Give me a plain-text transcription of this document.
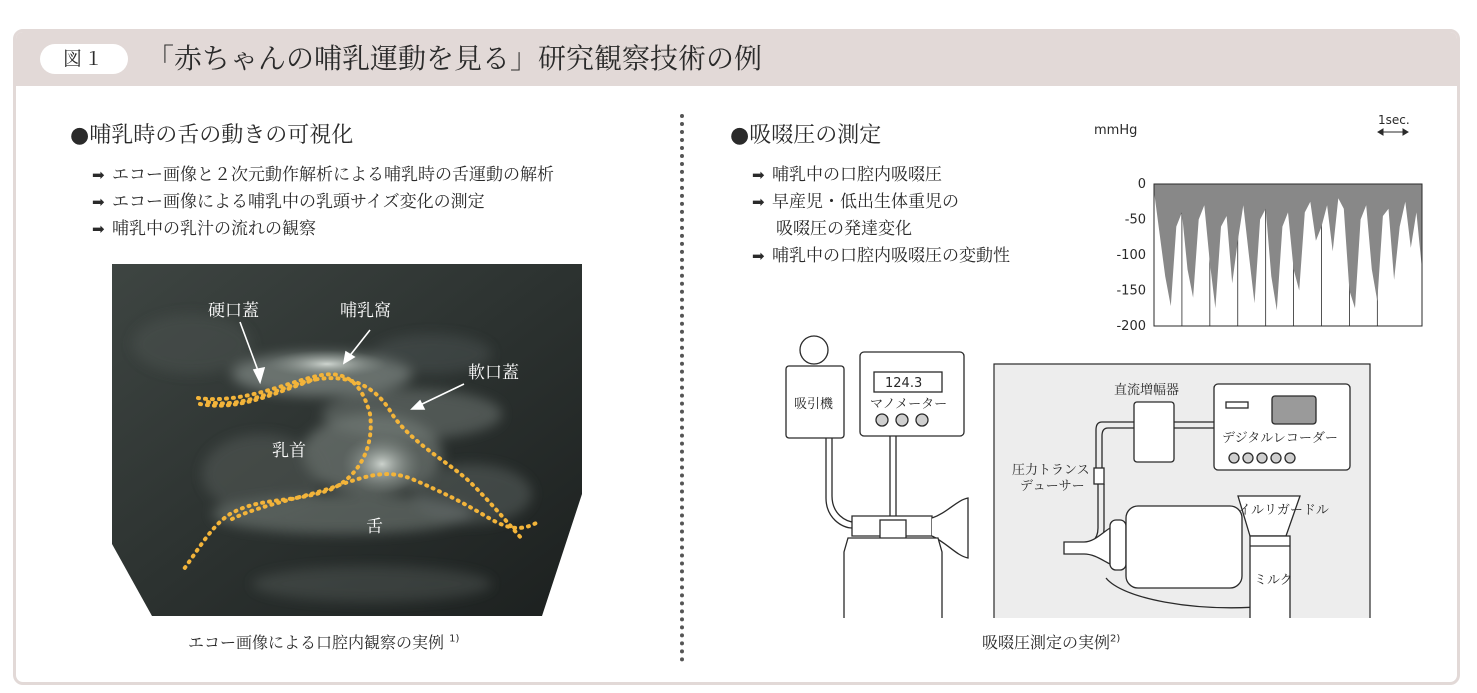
図１	「赤ちゃんの哺乳運動を見る」研究観察技術の例
●哺乳時の舌の動きの可視化
➡ エコー画像と２次元動作解析による哺乳時の舌運動の解析
➡ エコー画像による哺乳中の乳頭サイズ変化の測定
➡ 哺乳中の乳汁の流れの観察
硬口蓋	哺乳窩
軟口蓋
乳首
舌
エコー画像による口腔内観察の実例 $^{1)}$
●吸啜圧の測定
➡ 哺乳中の口腔内吸啜圧
➡ 早産児・低出生体重児の
吸啜圧の発達変化
➡ 哺乳中の口腔内吸啜圧の変動性
mmHg
1sec.
0
-50
-100
-150
-200
吸引機
124.3
マノメーター
直流増幅器
デジタルレコーダー
圧力トランス
デューサー
イルリガードル
ミルク
吸啜圧測定の実例$^{2)}$
